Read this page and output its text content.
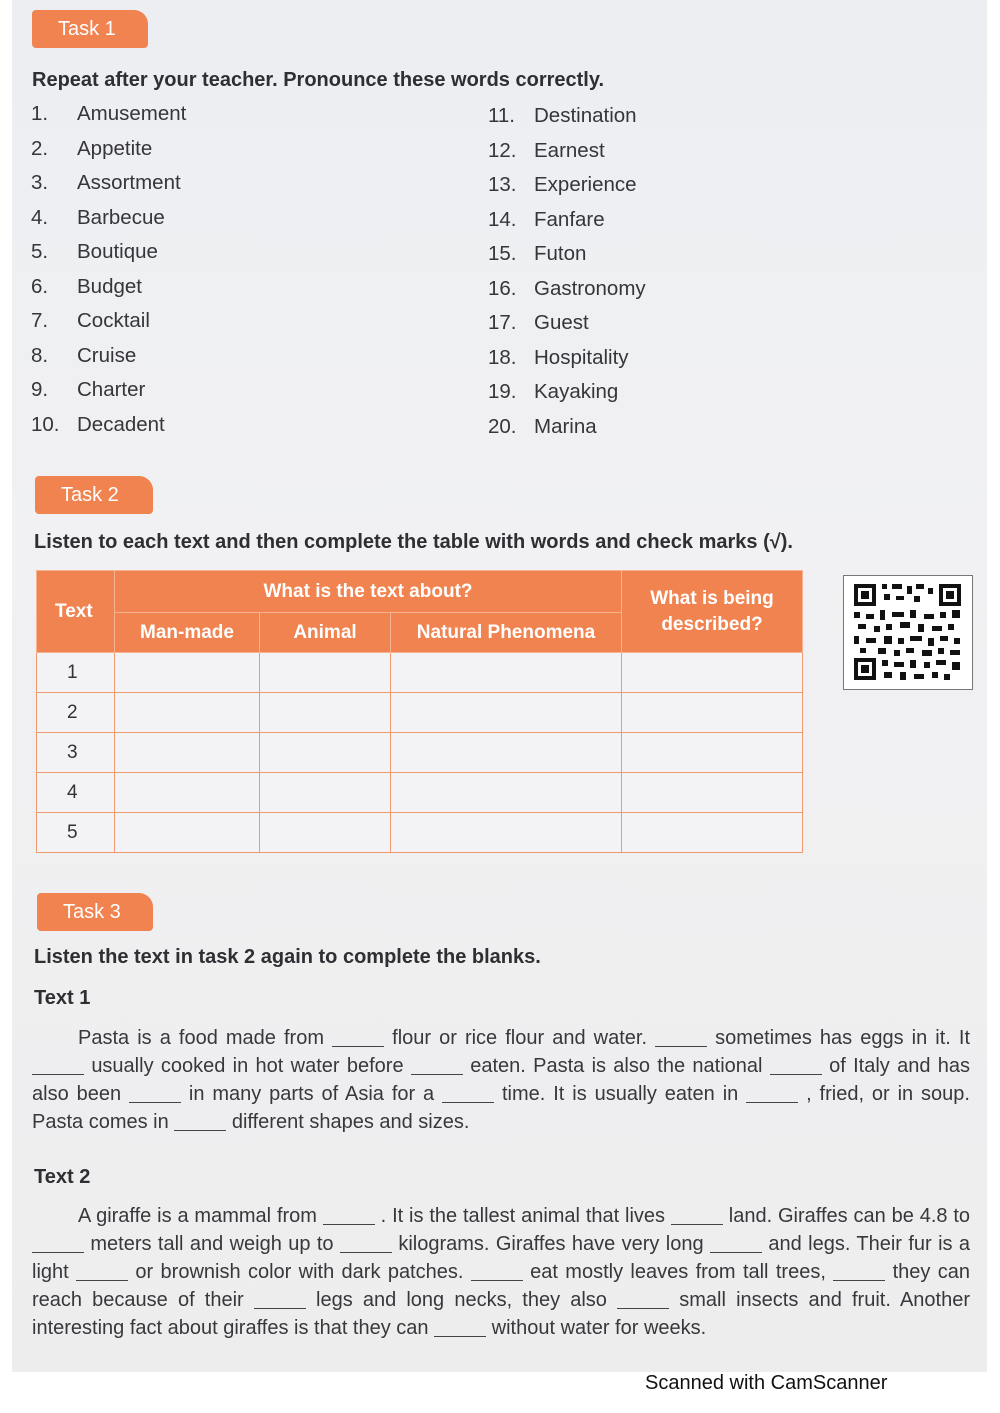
Task 1
Repeat after your teacher. Pronounce these words correctly.
1.	Amusement
2.	Appetite
3.	Assortment
4.	Barbecue
5.	Boutique
6.	Budget
7.	Cocktail
8.	Cruise
9.	Charter
10. Decadent
11. Destination
12. Earnest
13. Experience
14. Fanfare
15. Futon
16. Gastronomy
17. Guest
18. Hospitality
19. Kayaking
20. Marina
Task 2
Listen to each text and then complete the table with words and check marks (√).
Text	What is the text about?			What is being described?
	Man-made	Animal	Natural Phenomena	
1				
2				
3				
4				
5				
Task 3
Listen the text in task 2 again to complete the blanks.
Text 1

Pasta is a food made from	flour or rice flour and water.	sometimes has eggs in it. It  usually cooked in hot water before	eaten. Pasta is also the national	of Italy and has also been	in many parts of Asia for a	time. It is usually eaten in	, fried, or in soup. Pasta comes in	different shapes and sizes.

Text 2

A giraffe is a mammal from	. It is the tallest animal that lives	land. Giraffes can be 4.8 to  meters tall and weigh up to	kilograms. Giraffes have very long	and legs. Their fur is a light	or brownish color with dark patches.	eat mostly leaves from tall trees,	they can reach because of their	legs and long necks, they also	small insects and fruit. Another interesting fact about giraffes is that they can	without water for weeks.

Scanned with CamScanner
